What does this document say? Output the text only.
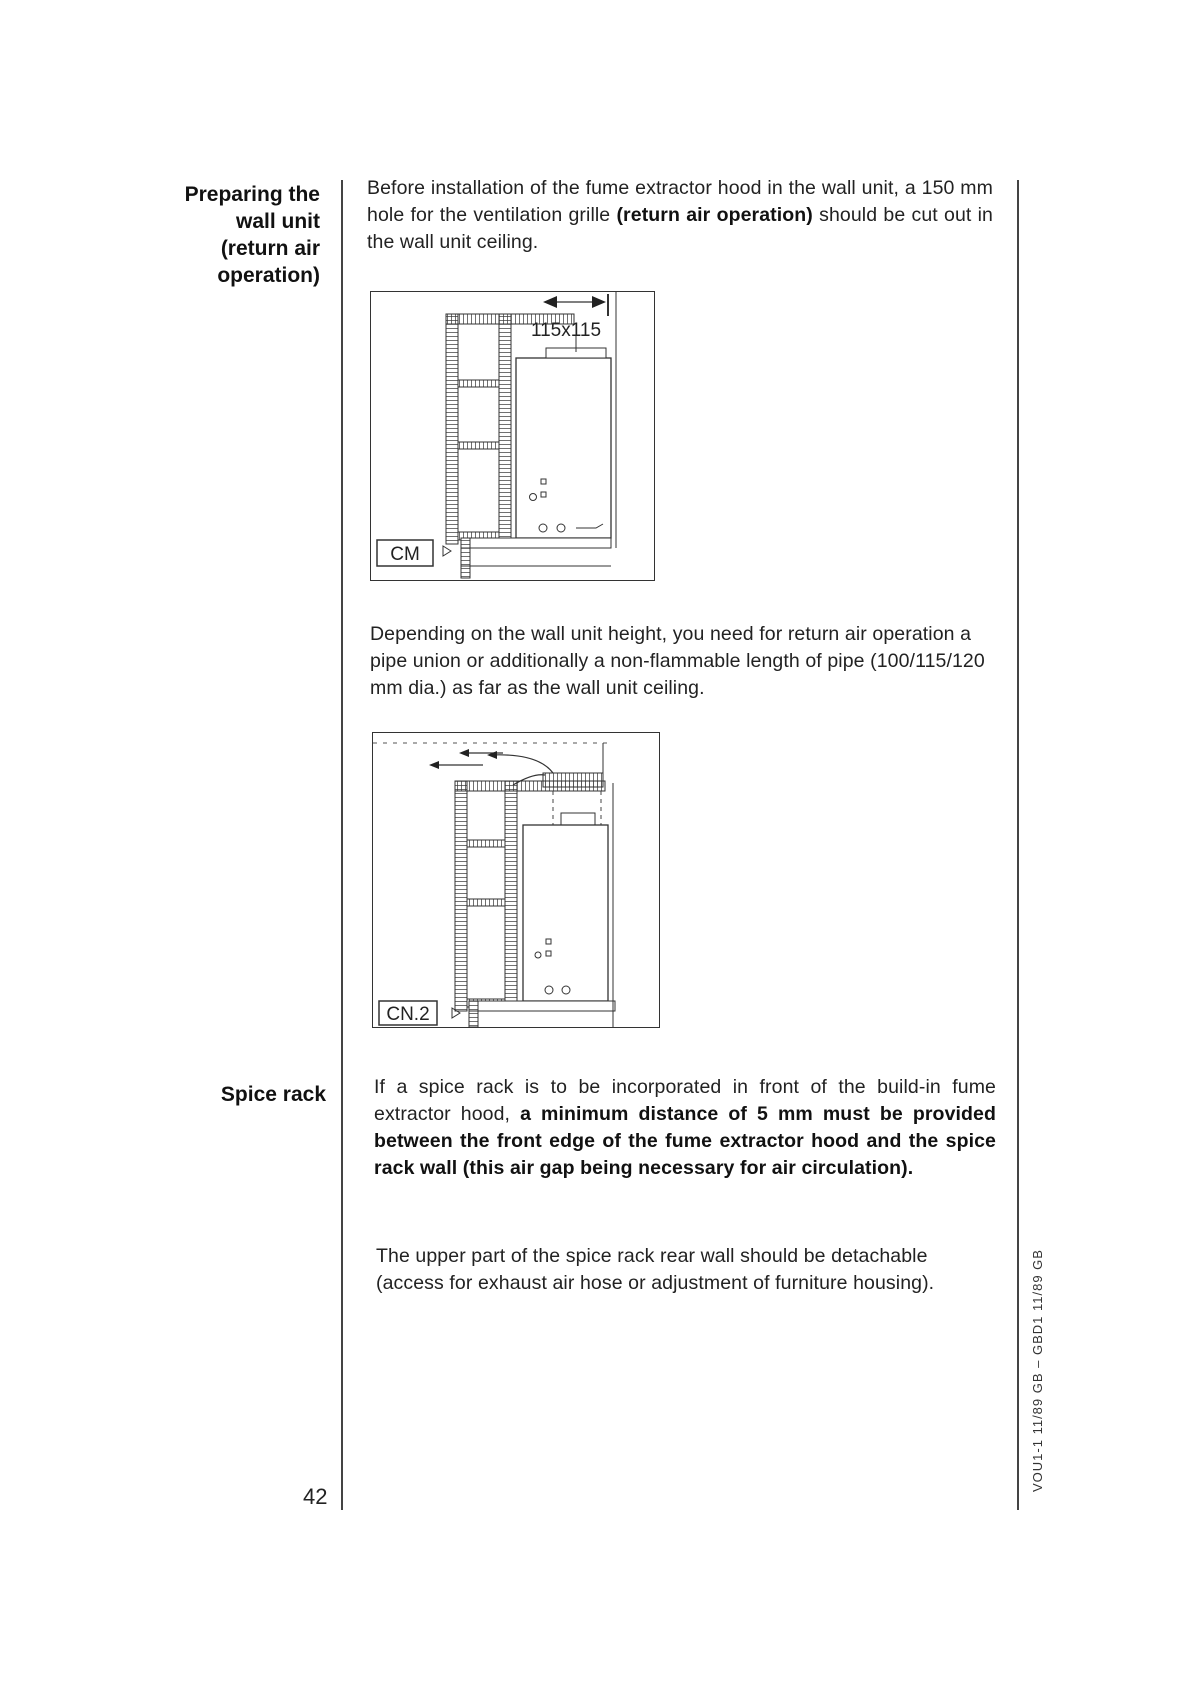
Preparing the
wall unit
(return air
operation)
Before installation of the fume extractor hood in the wall unit, a 150 mm hole for the ventilation grille (return air operation) should be cut out in the wall unit ceiling.
CM
115x115
Depending on the wall unit height, you need for return air operation a pipe union or additionally a non-flammable length of pipe (100/115/120 mm dia.) as far as the wall unit ceiling.
CN.2
Spice rack If a spice rack is to be incorporated in front of the build-in fume extractor hood, a minimum distance of 5 mm must be provided between the front edge of the fume extractor hood and the spice rack wall (this air gap being necessary for air circulation).
The upper part of the spice rack rear wall should be detachable (access for exhaust air hose or adjustment of furniture housing).
42
VOU1-1 11/89 GB – GBD1 11/89 GB
